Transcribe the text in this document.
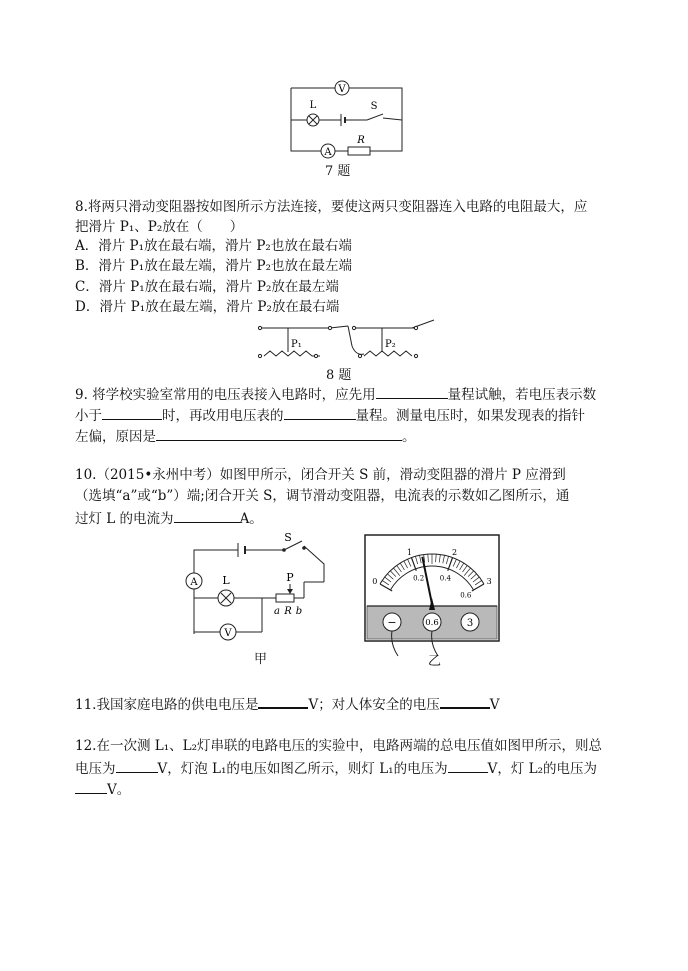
V
L	S
A
R
7 题
8.将两只滑动变阻器按如图所示方法连接，要使这两只变阻器连入电路的电阻最大，应
把滑片 P₁、P₂放在（　　）
A．滑片 P₁放在最右端，滑片 P₂也放在最右端
B．滑片 P₁放在最左端，滑片 P₂也放在最左端
C．滑片 P₁放在最右端，滑片 P₂放在最左端
D．滑片 P₁放在最左端，滑片 P₂放在最右端
P₁	P₂
8 题
9. 将学校实验室常用的电压表接入电路时，应先用	量程试触，若电压表示数
小于	时，再改用电压表的	量程。测量电压时，如果发现表的指针
左偏，原因是	。
10.（2015•永州中考）如图甲所示，闭合开关 S 前，滑动变阻器的滑片 P 应滑到
（选填“a”或“b”）端;闭合开关 S，调节滑动变阻器，电流表的示数如乙图所示，通
过灯 L 的电流为	A。
S
A L
V
P
a R b
甲
0
1	2
3
0.2 0.4
0.6
−	0.6	3
乙
11.我国家庭电路的供电电压是	V；对人体安全的电压	V
12.在一次测 L₁、L₂灯串联的电路电压的实验中，电路两端的总电压值如图甲所示，则总
电压为	V，灯泡 L₁的电压如图乙所示，则灯 L₁的电压为	V，灯 L₂的电压为
V。
